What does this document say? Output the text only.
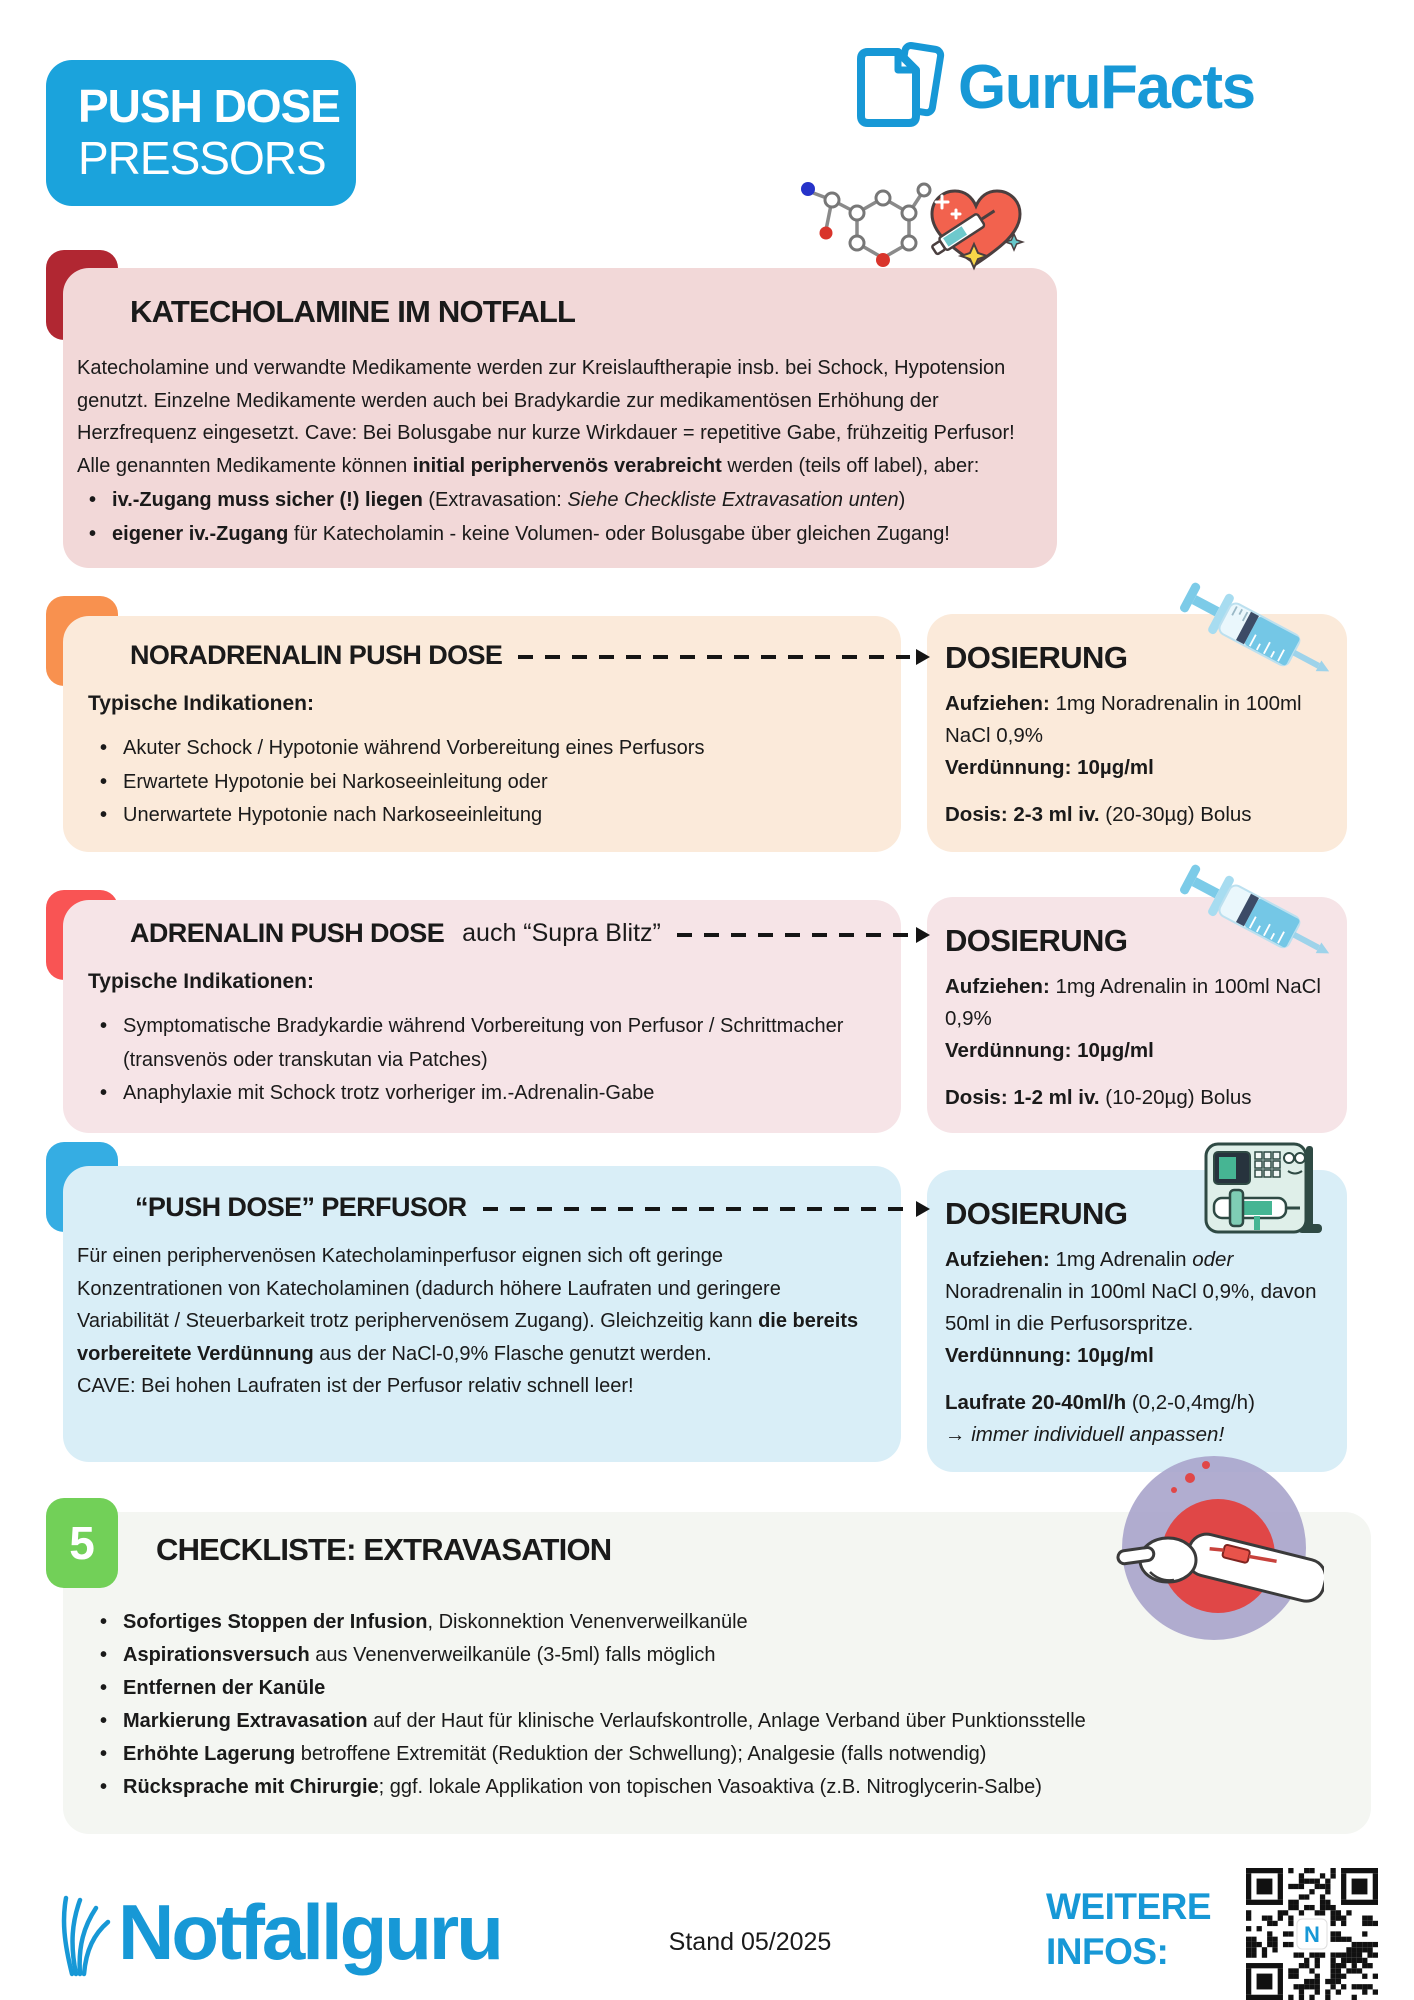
PUSH DOSE
PRESSORS
GuruFacts
KATECHOLAMINE IM NOTFALL
Katecholamine und verwandte Medikamente werden zur Kreislauftherapie insb. bei Schock, Hypotension genutzt. Einzelne Medikamente werden auch bei Bradykardie zur medikamentösen Erhöhung der Herzfrequenz eingesetzt. Cave: Bei Bolusgabe nur kurze Wirkdauer = repetitive Gabe, frühzeitig Perfusor! Alle genannten Medikamente können initial periphervenös verabreicht werden (teils off label), aber:
• iv.-Zugang muss sicher (!) liegen (Extravasation: Siehe Checkliste Extravasation unten)
• eigener iv.-Zugang für Katecholamin - keine Volumen- oder Bolusgabe über gleichen Zugang!
DOSIERUNG
Aufziehen: 1mg Noradrenalin in 100ml NaCl 0,9%
Verdünnung: 10µg/ml
Dosis: 2-3 ml iv. (20-30µg) Bolus
NORADRENALIN PUSH DOSE
Typische Indikationen:
• Akuter Schock / Hypotonie während Vorbereitung eines Perfusors
• Erwartete Hypotonie bei Narkoseeinleitung oder
• Unerwartete Hypotonie nach Narkoseeinleitung
DOSIERUNG
Aufziehen: 1mg Adrenalin in 100ml NaCl 0,9%
Verdünnung: 10µg/ml
Dosis: 1-2 ml iv. (10-20µg) Bolus
ADRENALIN PUSH DOSE auch “Supra Blitz”
Typische Indikationen:
• Symptomatische Bradykardie während Vorbereitung von Perfusor / Schrittmacher (transvenös oder transkutan via Patches)
• Anaphylaxie mit Schock trotz vorheriger im.-Adrenalin-Gabe
DOSIERUNG
Aufziehen: 1mg Adrenalin oder Noradrenalin in 100ml NaCl 0,9%, davon 50ml in die Perfusorspritze.
Verdünnung: 10µg/ml
Laufrate 20-40ml/h (0,2-0,4mg/h)
→ immer individuell anpassen!
“PUSH DOSE” PERFUSOR
Für einen periphervenösen Katecholaminperfusor eignen sich oft geringe Konzentrationen von Katecholaminen (dadurch höhere Laufraten und geringere Variabilität / Steuerbarkeit trotz periphervenösem Zugang). Gleichzeitig kann die bereits vorbereitete Verdünnung aus der NaCl-0,9% Flasche genutzt werden.
CAVE: Bei hohen Laufraten ist der Perfusor relativ schnell leer!
5 CHECKLISTE: EXTRAVASATION
• Sofortiges Stoppen der Infusion, Diskonnektion Venenverweilkanüle
• Aspirationsversuch aus Venenverweilkanüle (3-5ml) falls möglich
• Entfernen der Kanüle
• Markierung Extravasation auf der Haut für klinische Verlaufskontrolle, Anlage Verband über Punktionsstelle
• Erhöhte Lagerung betroffene Extremität (Reduktion der Schwellung); Analgesie (falls notwendig)
• Rücksprache mit Chirurgie; ggf. lokale Applikation von topischen Vasoaktiva (z.B. Nitroglycerin-Salbe)
Notfallguru	Stand 05/2025
WEITERE
INFOS:	N
